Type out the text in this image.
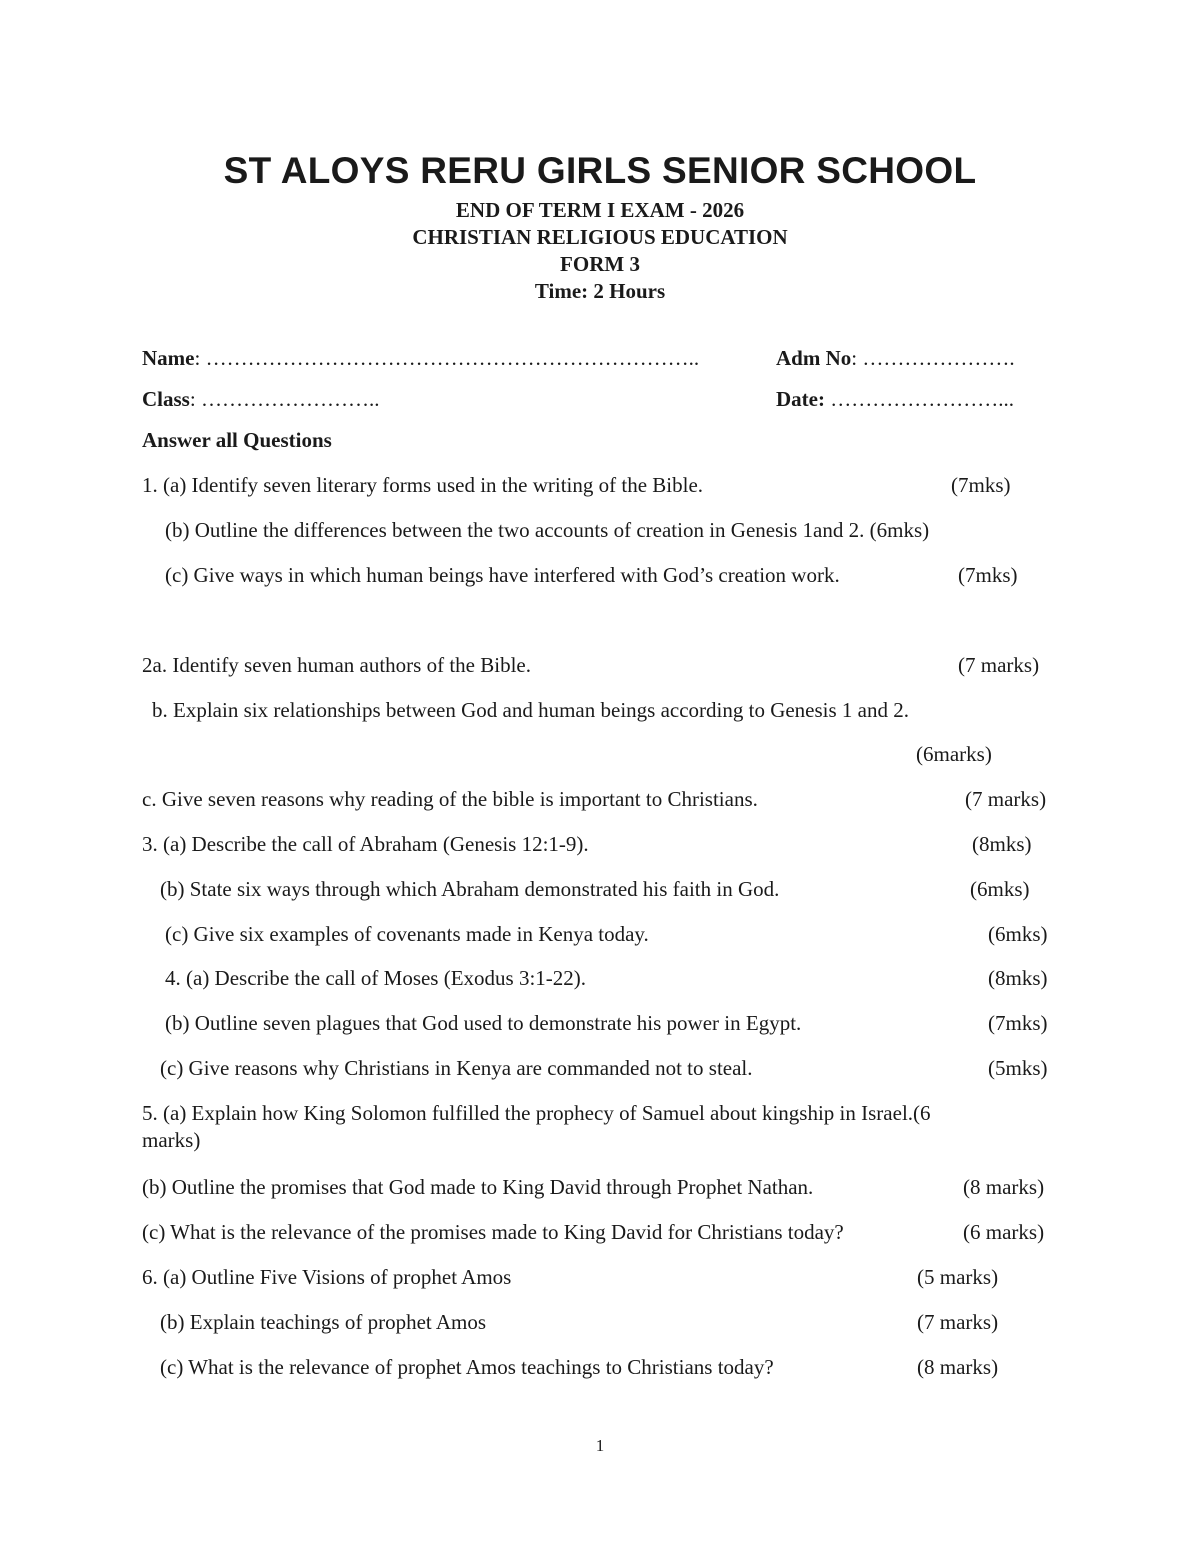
ST ALOYS RERU GIRLS SENIOR SCHOOL
END OF TERM I EXAM - 2026
CHRISTIAN RELIGIOUS EDUCATION
FORM 3
Time: 2 Hours
Name: ……………………………………………………………..	Adm No: ………………….
Class: ……………………..	Date: ……………………...
Answer all Questions
1. (a) Identify seven literary forms used in the writing of the Bible.	(7mks)
(b) Outline the differences between the two accounts of creation in Genesis 1and 2. (6mks)
(c) Give ways in which human beings have interfered with God’s creation work.	(7mks)
2a. Identify seven human authors of the Bible.	(7 marks)
b. Explain six relationships between God and human beings according to Genesis 1 and 2.
(6marks)
c. Give seven reasons why reading of the bible is important to Christians.	(7 marks)
3. (a) Describe the call of Abraham (Genesis 12:1-9).	(8mks)
(b) State six ways through which Abraham demonstrated his faith in God.	(6mks)
(c) Give six examples of covenants made in Kenya today.	(6mks)
4. (a) Describe the call of Moses (Exodus 3:1-22).	(8mks)
(b) Outline seven plagues that God used to demonstrate his power in Egypt.	(7mks)
(c) Give reasons why Christians in Kenya are commanded not to steal.	(5mks)
5. (a) Explain how King Solomon fulfilled the prophecy of Samuel about kingship in Israel.(6
marks)
(b) Outline the promises that God made to King David through Prophet Nathan.	(8 marks)
(c) What is the relevance of the promises made to King David for Christians today?	(6 marks)
6. (a) Outline Five Visions of prophet Amos	(5 marks)
(b) Explain teachings of prophet Amos	(7 marks)
(c) What is the relevance of prophet Amos teachings to Christians today?	(8 marks)
1
